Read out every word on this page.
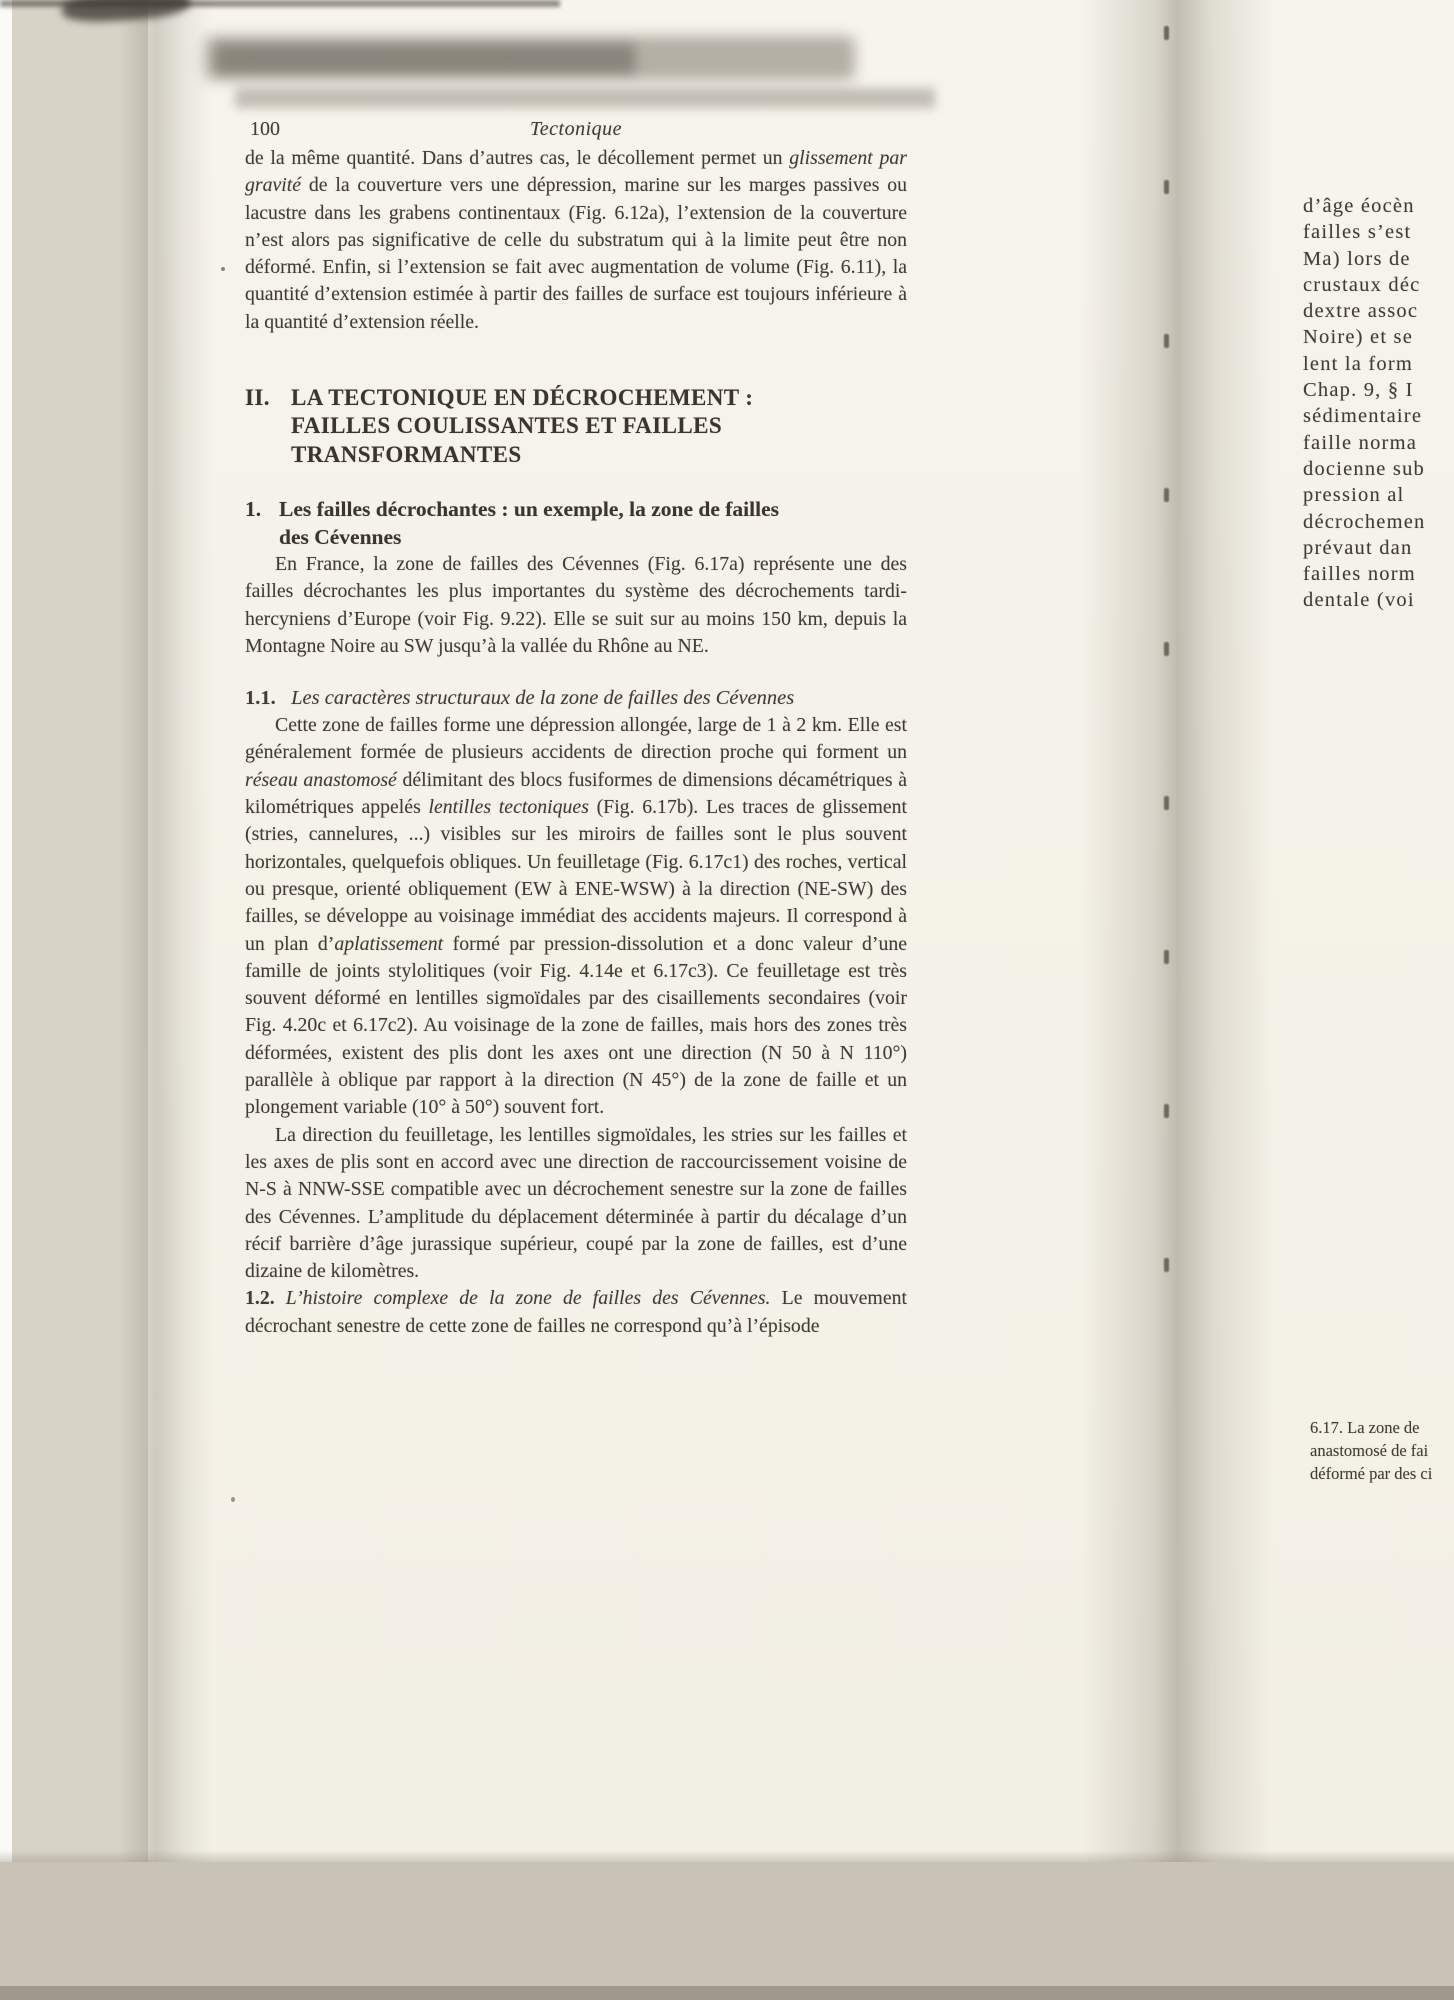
100	Tectonique

de la même quantité. Dans d’autres cas, le décollement permet un glissement par gravité de la couverture vers une dépression, marine sur les marges passives ou lacustre dans les grabens continentaux (Fig. 6.12a), l’extension de la couverture n’est alors pas significative de celle du substratum qui à la limite peut être non déformé. Enfin, si l’extension se fait avec augmentation de volume (Fig. 6.11), la quantité d’extension estimée à partir des failles de surface est toujours inférieure à la quantité d’extension réelle.

II. LA TECTONIQUE EN DÉCROCHEMENT :
FAILLES COULISSANTES ET FAILLES
TRANSFORMANTES
1. Les failles décrochantes : un exemple, la zone de failles
des Cévennes

En France, la zone de failles des Cévennes (Fig. 6.17a) représente une des failles décrochantes les plus importantes du système des décrochements tardi-hercyniens d’Europe (voir Fig. 9.22). Elle se suit sur au moins 150 km, depuis la Montagne Noire au SW jusqu’à la vallée du Rhône au NE.

1.1. Les caractères structuraux de la zone de failles des Cévennes

Cette zone de failles forme une dépression allongée, large de 1 à 2 km. Elle est généralement formée de plusieurs accidents de direction proche qui forment un réseau anastomosé délimitant des blocs fusiformes de dimensions décamétriques à kilométriques appelés lentilles tectoniques (Fig. 6.17b). Les traces de glissement (stries, cannelures, ...) visibles sur les miroirs de failles sont le plus souvent horizontales, quelquefois obliques. Un feuilletage (Fig. 6.17c1) des roches, vertical ou presque, orienté obliquement (EW à ENE-WSW) à la direction (NE-SW) des failles, se développe au voisinage immédiat des accidents majeurs. Il correspond à un plan d’aplatissement formé par pression-dissolution et a donc valeur d’une famille de joints stylolitiques (voir Fig. 4.14e et 6.17c3). Ce feuilletage est très souvent déformé en lentilles sigmoïdales par des cisaillements secondaires (voir Fig. 4.20c et 6.17c2). Au voisinage de la zone de failles, mais hors des zones très déformées, existent des plis dont les axes ont une direction (N 50 à N 110°) parallèle à oblique par rapport à la direction (N 45°) de la zone de faille et un plongement variable (10° à 50°) souvent fort.

La direction du feuilletage, les lentilles sigmoïdales, les stries sur les failles et les axes de plis sont en accord avec une direction de raccourcissement voisine de N-S à NNW-SSE compatible avec un décrochement senestre sur la zone de failles des Cévennes. L’amplitude du déplacement déterminée à partir du décalage d’un récif barrière d’âge jurassique supérieur, coupé par la zone de failles, est d’une dizaine de kilomètres.

1.2. L’histoire complexe de la zone de failles des Cévennes. Le mouvement décrochant senestre de cette zone de failles ne correspond qu’à l’épisode

d’âge éocèn
failles s’est
Ma) lors de
crustaux déc
dextre assoc
Noire) et se
lent la form
Chap. 9, § I
sédimentaire
faille norma
docienne sub
pression al
décrochemen
prévaut dan
failles norm
dentale (voi
6.17. La zone de
anastomosé de fai
déformé par des ci
